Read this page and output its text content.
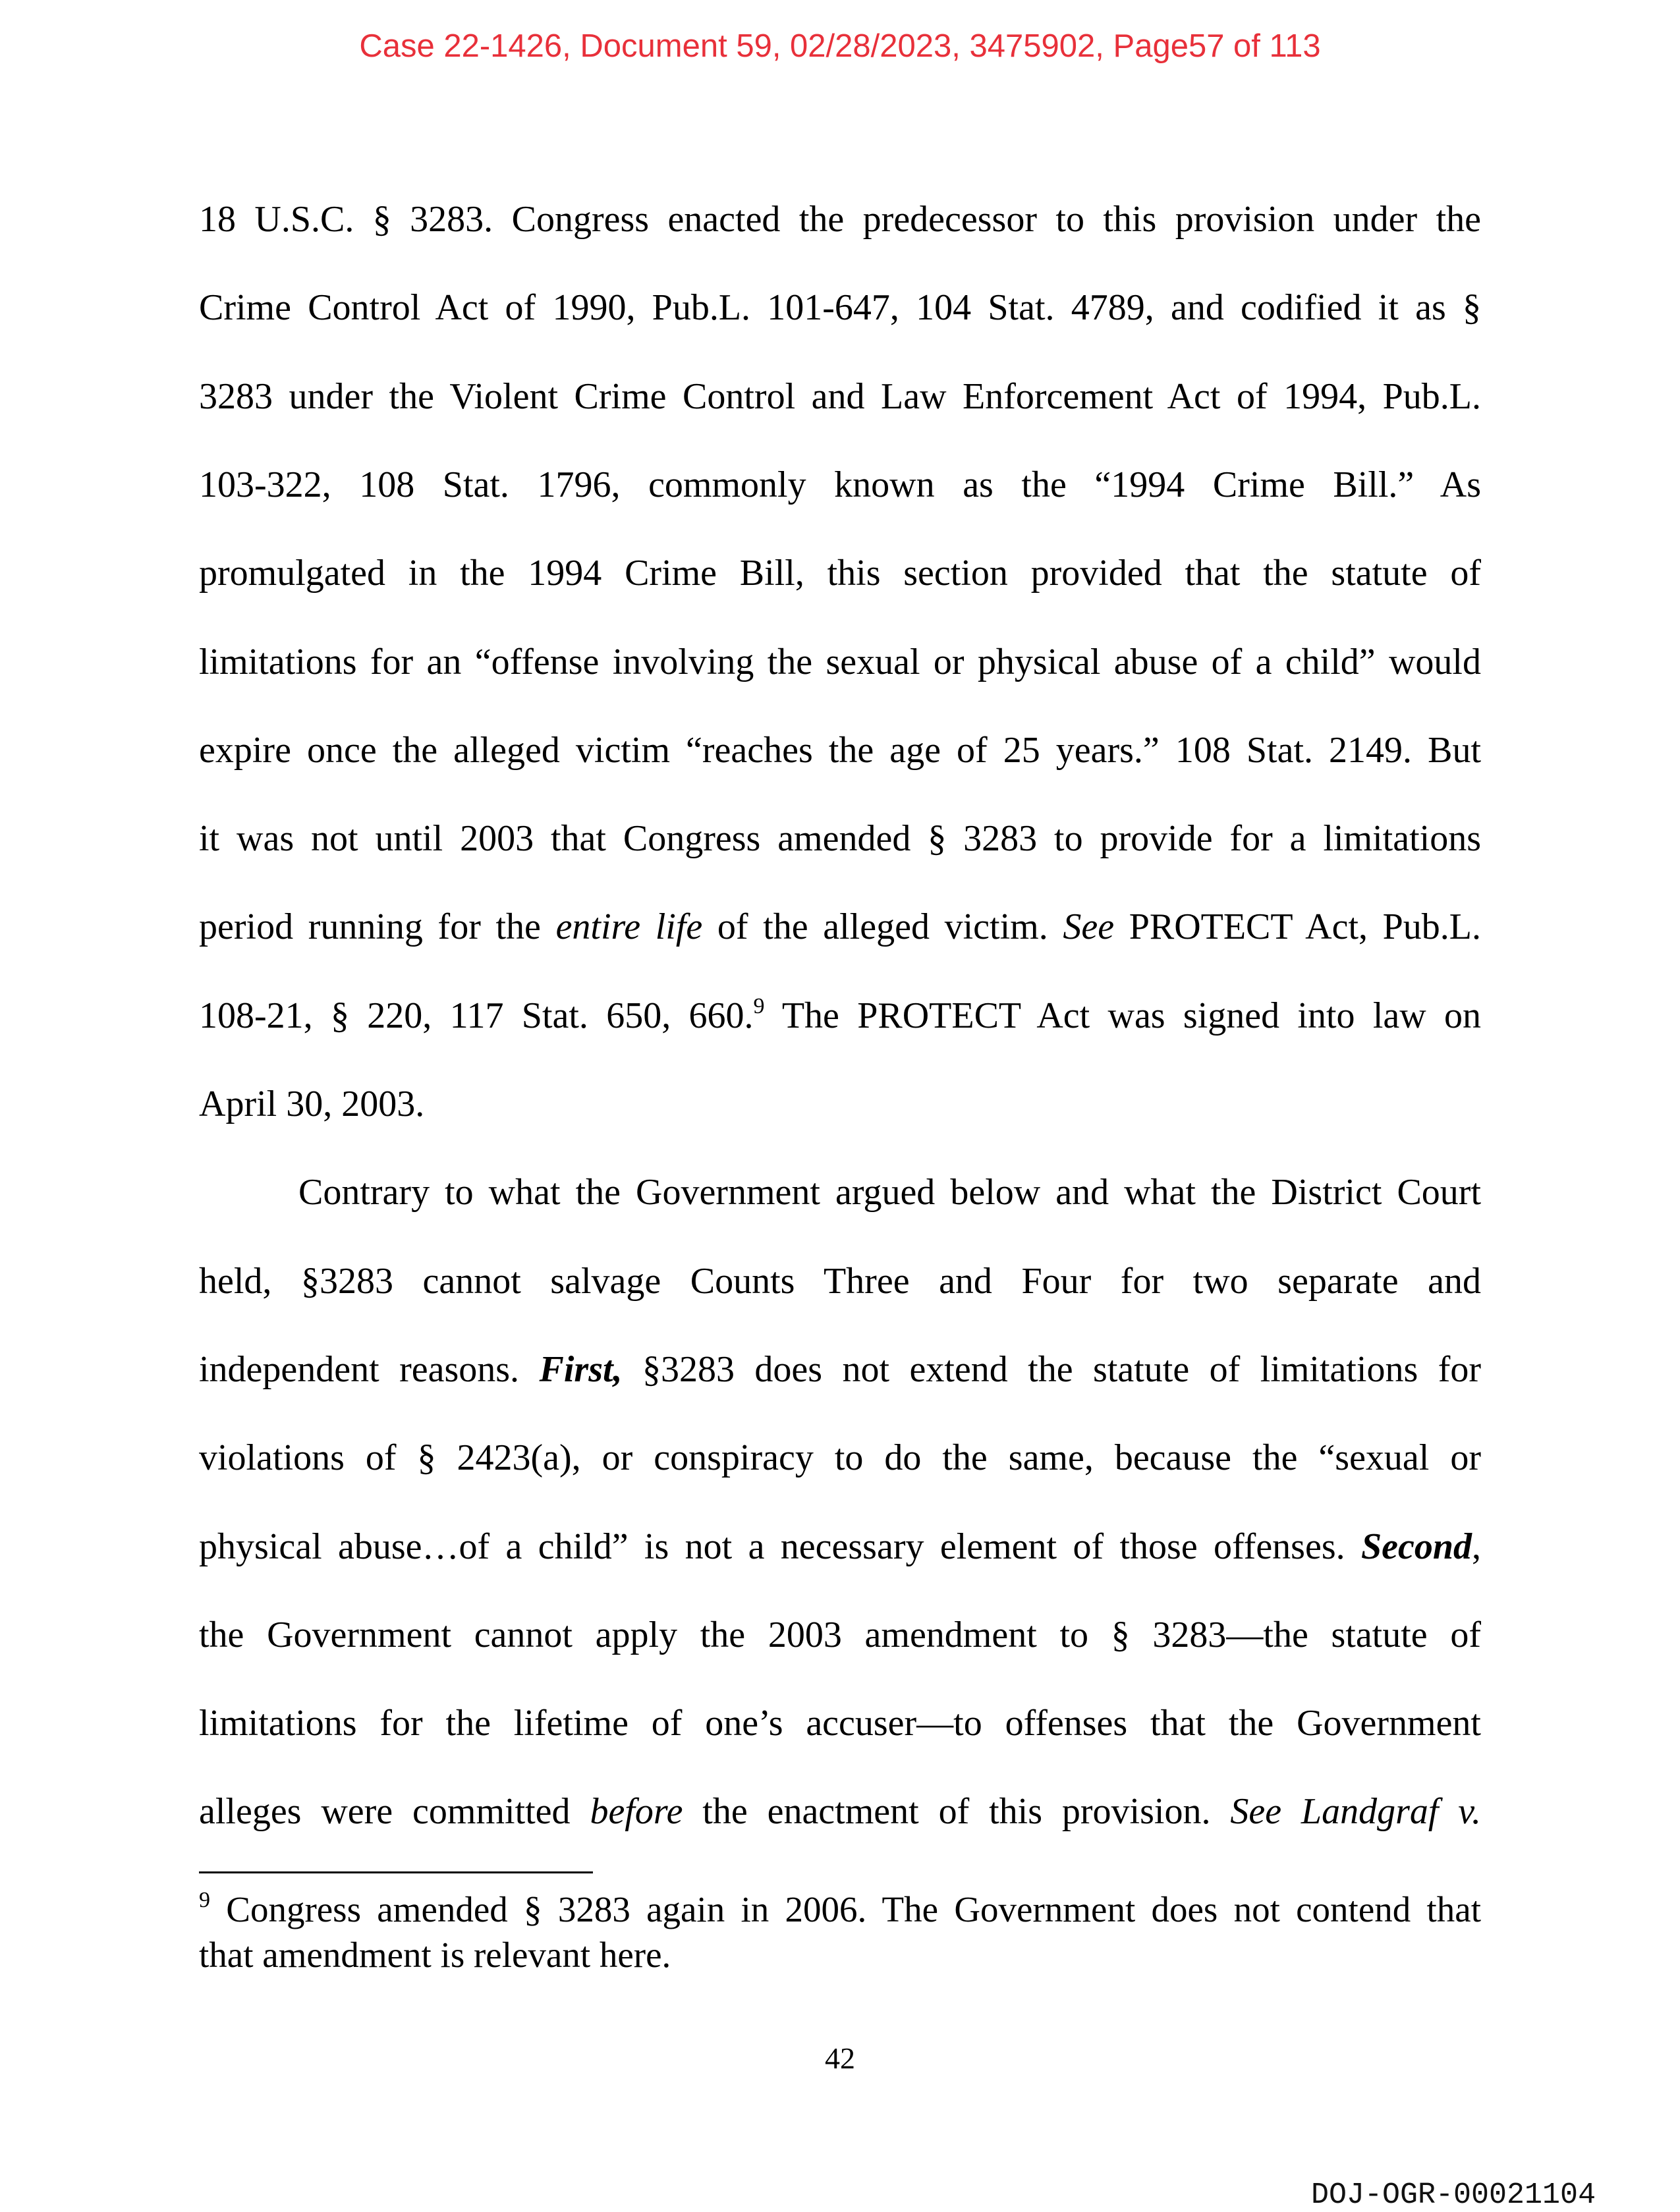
Case 22-1426, Document 59, 02/28/2023, 3475902, Page57 of 113
18 U.S.C. § 3283. Congress enacted the predecessor to this provision under the
Crime Control Act of 1990, Pub.L. 101-647, 104 Stat. 4789, and codified it as §
3283 under the Violent Crime Control and Law Enforcement Act of 1994, Pub.L.
103-322, 108 Stat. 1796, commonly known as the “1994 Crime Bill.” As
promulgated in the 1994 Crime Bill, this section provided that the statute of
limitations for an “offense involving the sexual or physical abuse of a child” would
expire once the alleged victim “reaches the age of 25 years.” 108 Stat. 2149. But
it was not until 2003 that Congress amended § 3283 to provide for a limitations
period running for the entire life of the alleged victim. See PROTECT Act, Pub.L.
108-21, § 220, 117 Stat. 650, 660.$^9$ The PROTECT Act was signed into law on
April 30, 2003.
Contrary to what the Government argued below and what the District Court
held, §3283 cannot salvage Counts Three and Four for two separate and
independent reasons. First, §3283 does not extend the statute of limitations for
violations of § 2423(a), or conspiracy to do the same, because the “sexual or
physical abuse…of a child” is not a necessary element of those offenses. Second,
the Government cannot apply the 2003 amendment to § 3283—the statute of
limitations for the lifetime of one’s accuser—to offenses that the Government
alleges were committed before the enactment of this provision. See Landgraf v.
$^9$ Congress amended § 3283 again in 2006. The Government does not contend that
that amendment is relevant here.
42
DOJ-OGR-00021104
